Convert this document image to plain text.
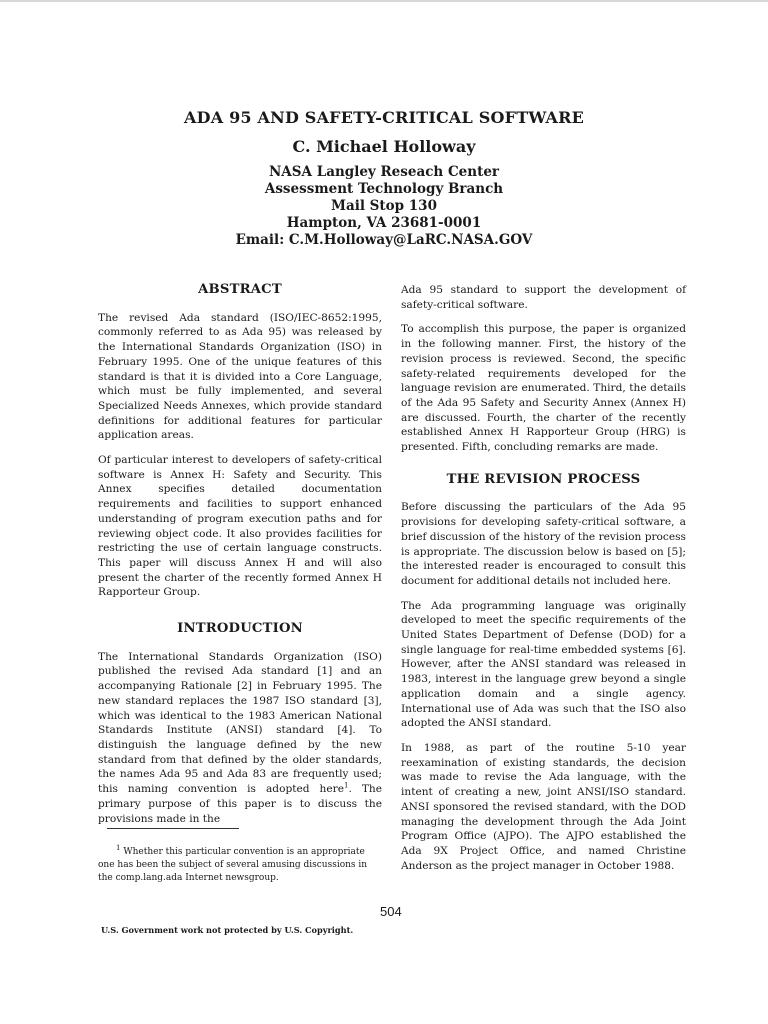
ADA 95 AND SAFETY-CRITICAL SOFTWARE
C. Michael Holloway
NASA Langley Reseach Center
Assessment Technology Branch
Mail Stop 130
Hampton, VA 23681-0001
Email: C.M.Holloway@LaRC.NASA.GOV
ABSTRACT

The revised Ada standard (ISO/IEC-8652:1995, commonly referred to as Ada 95) was released by the International Standards Organization (ISO) in February 1995. One of the unique features of this standard is that it is divided into a Core Language, which must be fully implemented, and several Specialized Needs Annexes, which provide standard definitions for additional features for particular application areas.

Of particular interest to developers of safety-critical software is Annex H: Safety and Security. This Annex specifies detailed documentation requirements and facilities to support enhanced understanding of program execution paths and for reviewing object code. It also provides facilities for restricting the use of certain language constructs. This paper will discuss Annex H and will also present the charter of the recently formed Annex H Rapporteur Group.

INTRODUCTION

The International Standards Organization (ISO) published the revised Ada standard [1] and an accompanying Rationale [2] in February 1995. The new standard replaces the 1987 ISO standard [3], which was identical to the 1983 American National Standards Institute (ANSI) standard [4]. To distinguish the language defined by the new standard from that defined by the older standards, the names Ada 95 and Ada 83 are frequently used; this naming convention is adopted here$^1$. The primary purpose of this paper is to discuss the provisions made in the

Ada 95 standard to support the development of safety-critical software.

To accomplish this purpose, the paper is organized in the following manner. First, the history of the revision process is reviewed. Second, the specific safety-related requirements developed for the language revision are enumerated. Third, the details of the Ada 95 Safety and Security Annex (Annex H) are discussed. Fourth, the charter of the recently established Annex H Rapporteur Group (HRG) is presented. Fifth, concluding remarks are made.

THE REVISION PROCESS

Before discussing the particulars of the Ada 95 provisions for developing safety-critical software, a brief discussion of the history of the revision process is appropriate. The discussion below is based on [5]; the interested reader is encouraged to consult this document for additional details not included here.

The Ada programming language was originally developed to meet the specific requirements of the United States Department of Defense (DOD) for a single language for real-time embedded systems [6]. However, after the ANSI standard was released in 1983, interest in the language grew beyond a single application domain and a single agency. International use of Ada was such that the ISO also adopted the ANSI standard.

In 1988, as part of the routine 5-10 year reexamination of existing standards, the decision was made to revise the Ada language, with the intent of creating a new, joint ANSI/ISO standard. ANSI sponsored the revised standard, with the DOD managing the development through the Ada Joint Program Office (AJPO). The AJPO established the Ada 9X Project Office, and named Christine Anderson as the project manager in October 1988.

$^1$ Whether this particular convention is an appropriate one has been the subject of several amusing discussions in the comp.lang.ada Internet newsgroup.

504
U.S. Government work not protected by U.S. Copyright.
